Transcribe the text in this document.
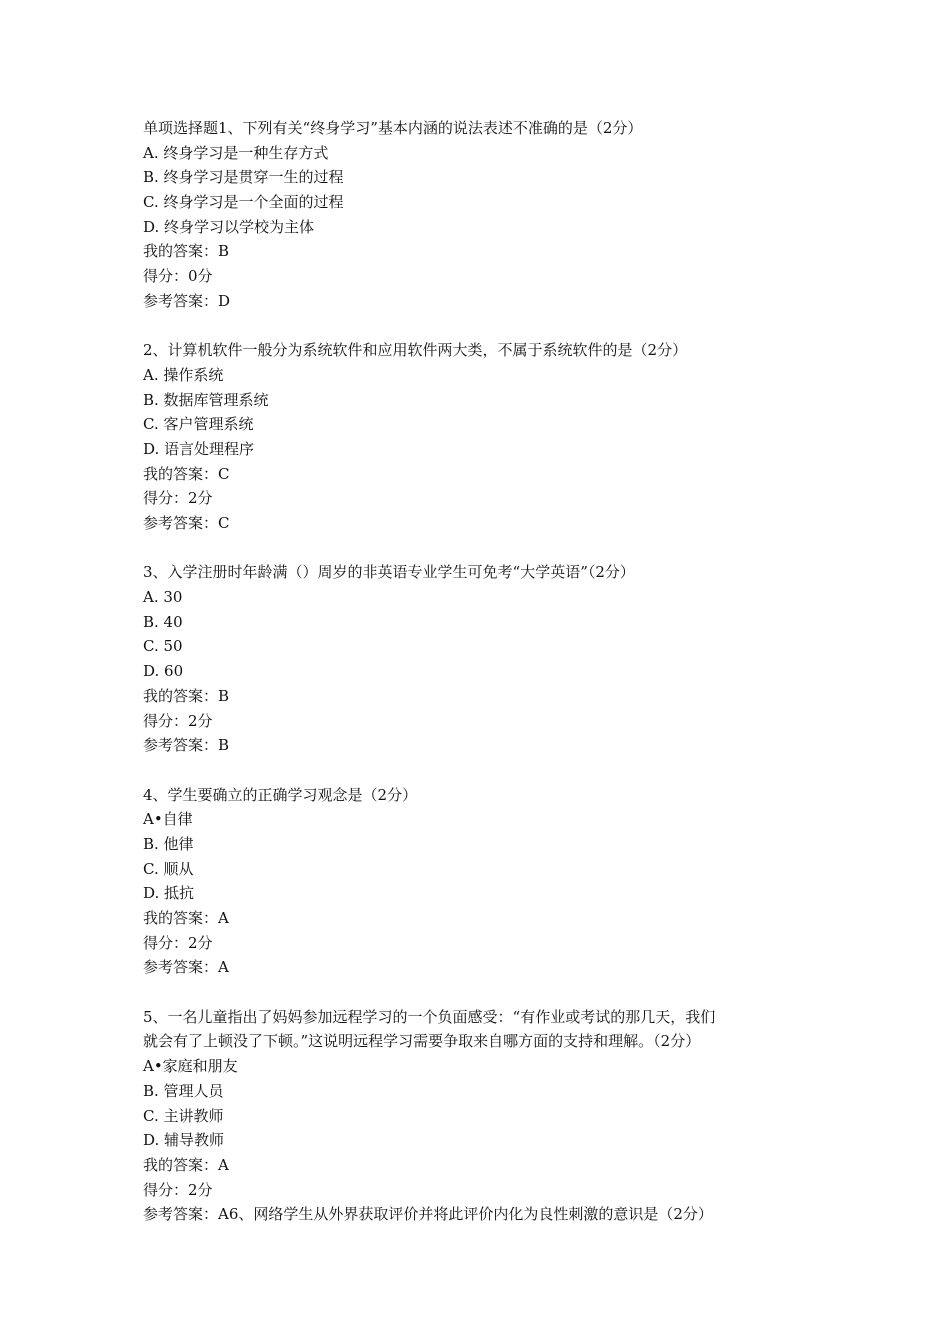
单项选择题1、下列有关“终身学习”基本内涵的说法表述不准确的是（2分）
A. 终身学习是一种生存方式
B. 终身学习是贯穿一生的过程
C. 终身学习是一个全面的过程
D. 终身学习以学校为主体
我的答案：B
得分：0分
参考答案：D
2、计算机软件一般分为系统软件和应用软件两大类，不属于系统软件的是（2分）
A. 操作系统
B. 数据库管理系统
C. 客户管理系统
D. 语言处理程序
我的答案：C
得分：2分
参考答案：C
3、入学注册时年龄满（）周岁的非英语专业学生可免考“大学英语”（2分）
A. 30
B. 40
C. 50
D. 60
我的答案：B
得分：2分
参考答案：B
4、学生要确立的正确学习观念是（2分）
A•自律
B. 他律
C. 顺从
D. 抵抗
我的答案：A
得分：2分
参考答案：A
5、一名儿童指出了妈妈参加远程学习的一个负面感受：“有作业或考试的那几天，我们
就会有了上顿没了下顿。”这说明远程学习需要争取来自哪方面的支持和理解。（2分）
A•家庭和朋友
B. 管理人员
C. 主讲教师
D. 辅导教师
我的答案：A
得分：2分
参考答案：A6、网络学生从外界获取评价并将此评价内化为良性刺激的意识是（2分）
